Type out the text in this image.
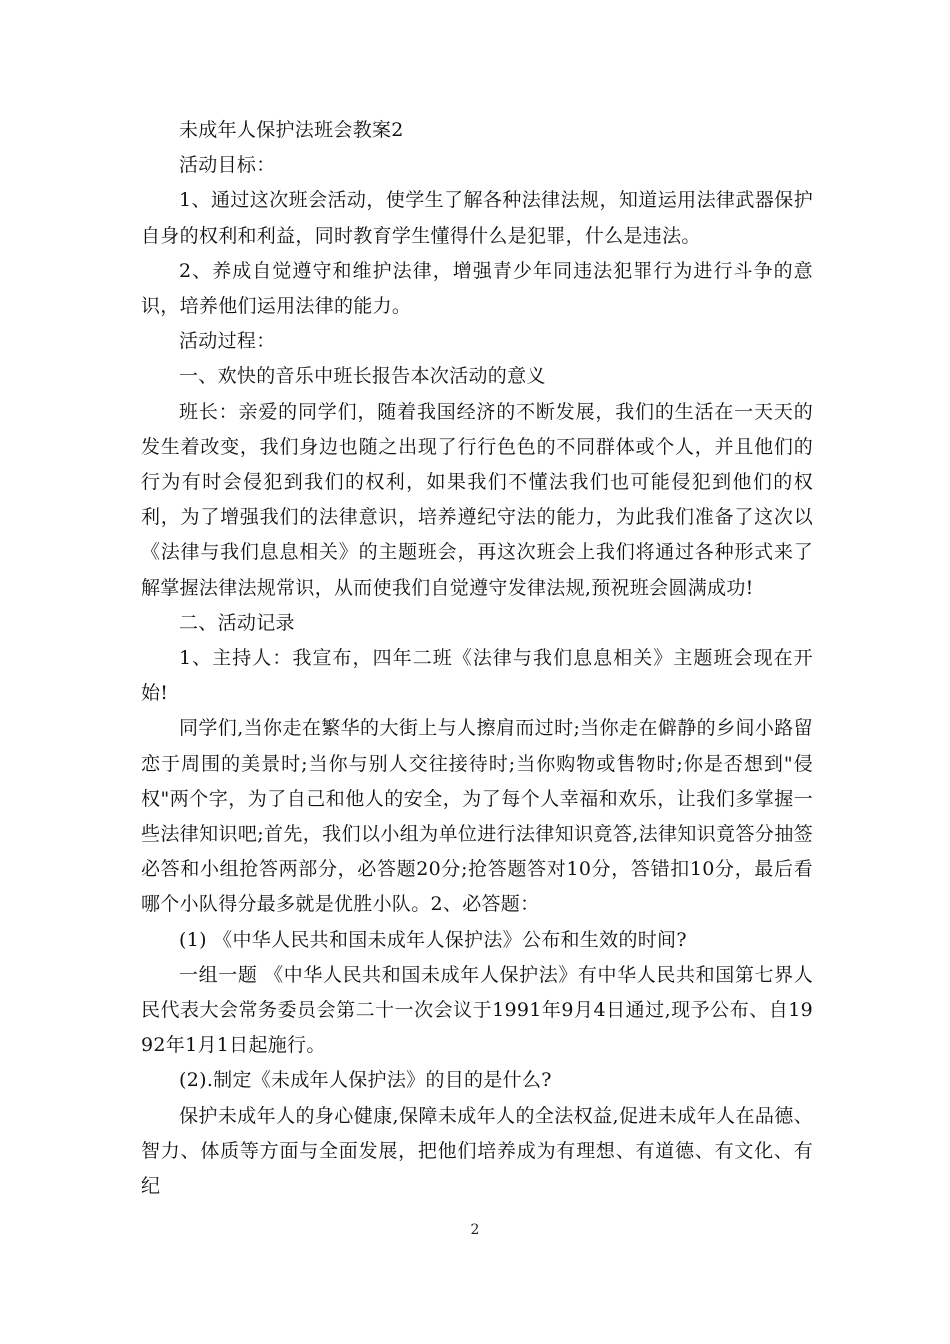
未成年人保护法班会教案2

活动目标：

1、通过这次班会活动，使学生了解各种法律法规，知道运用法律武器保护自身的权利和利益，同时教育学生懂得什么是犯罪，什么是违法。

2、养成自觉遵守和维护法律，增强青少年同违法犯罪行为进行斗争的意识，培养他们运用法律的能力。

活动过程：

一、欢快的音乐中班长报告本次活动的意义

班长：亲爱的同学们，随着我国经济的不断发展，我们的生活在一天天的发生着改变，我们身边也随之出现了行行色色的不同群体或个人，并且他们的行为有时会侵犯到我们的权利，如果我们不懂法我们也可能侵犯到他们的权利，为了增强我们的法律意识，培养遵纪守法的能力，为此我们准备了这次以《法律与我们息息相关》的主题班会，再这次班会上我们将通过各种形式来了解掌握法律法规常识，从而使我们自觉遵守发律法规,预祝班会圆满成功!

二、活动记录

1、主持人：我宣布，四年二班《法律与我们息息相关》主题班会现在开始!

同学们,当你走在繁华的大街上与人擦肩而过时;当你走在僻静的乡间小路留恋于周围的美景时;当你与别人交往接待时;当你购物或售物时;你是否想到"侵权"两个字，为了自己和他人的安全，为了每个人幸福和欢乐，让我们多掌握一些法律知识吧;首先，我们以小组为单位进行法律知识竟答,法律知识竟答分抽签必答和小组抢答两部分，必答题20分;抢答题答对10分，答错扣10分，最后看哪个小队得分最多就是优胜小队。2、必答题：

(1) 《中华人民共和国未成年人保护法》公布和生效的时间?

一组一题 《中华人民共和国未成年人保护法》有中华人民共和国第七界人民代表大会常务委员会第二十一次会议于1991年9月4日通过,现予公布、自1992年1月1日起施行。

(2).制定《未成年人保护法》的目的是什么?

保护未成年人的身心健康,保障未成年人的全法权益,促进未成年人在品德、智力、体质等方面与全面发展，把他们培养成为有理想、有道德、有文化、有纪

2
